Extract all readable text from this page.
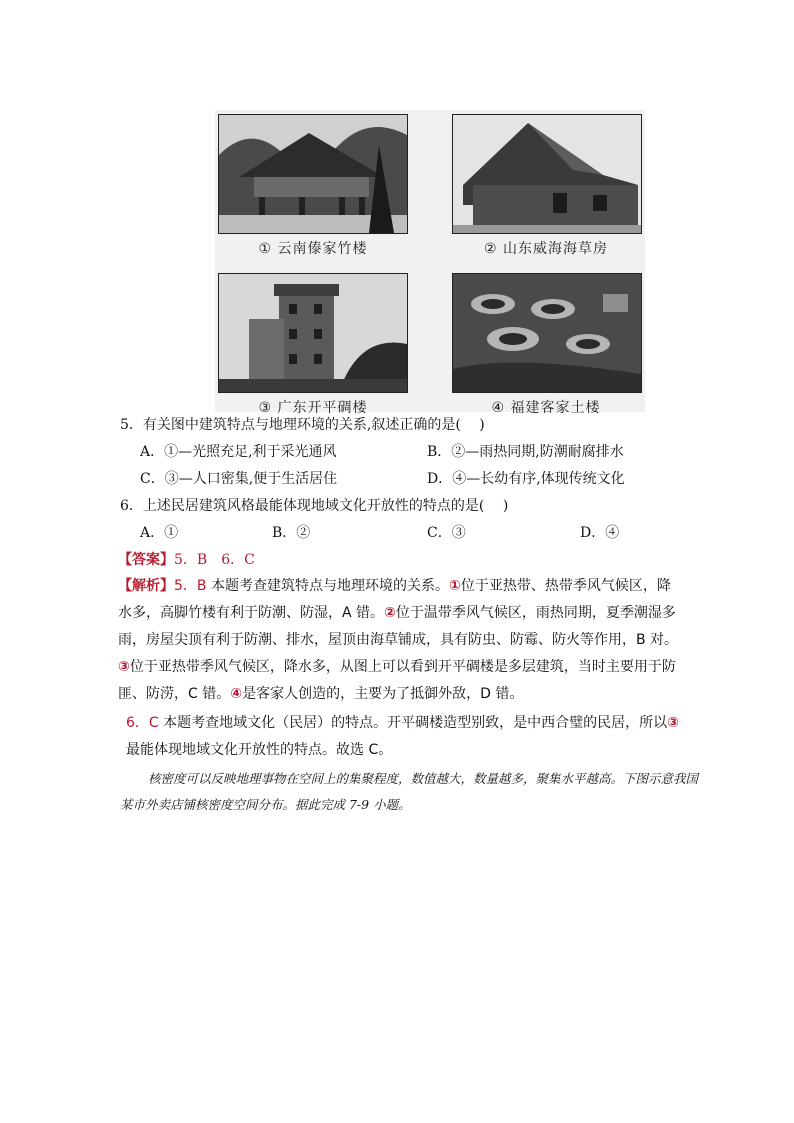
① 云南傣家竹楼	② 山东威海海草房
③ 广东开平碉楼	④ 福建客家土楼
5．有关图中建筑特点与地理环境的关系,叙述正确的是(　 )
A．①—光照充足,利于采光通风	B．②—雨热同期,防潮耐腐排水
C．③—人口密集,便于生活居住	D．④—长幼有序,体现传统文化
6．上述民居建筑风格最能体现地域文化开放性的特点的是(　 )
A．①	B．②	C．③	D．④
【答案】5．B　6．C
【解析】5．B 本题考查建筑特点与地理环境的关系。①位于亚热带、热带季风气候区，降水多，高脚竹楼有利于防潮、防湿，A 错。②位于温带季风气候区，雨热同期，夏季潮湿多雨，房屋尖顶有利于防潮、排水，屋顶由海草铺成，具有防虫、防霉、防火等作用，B 对。③位于亚热带季风气候区，降水多，从图上可以看到开平碉楼是多层建筑，当时主要用于防匪、防涝，C 错。④是客家人创造的，主要为了抵御外敌，D 错。
6．C 本题考查地域文化（民居）的特点。开平碉楼造型别致，是中西合璧的民居，所以③最能体现地域文化开放性的特点。故选 C。
核密度可以反映地理事物在空间上的集聚程度，数值越大，数量越多，聚集水平越高。下图示意我国某市外卖店铺核密度空间分布。据此完成 7-9 小题。
